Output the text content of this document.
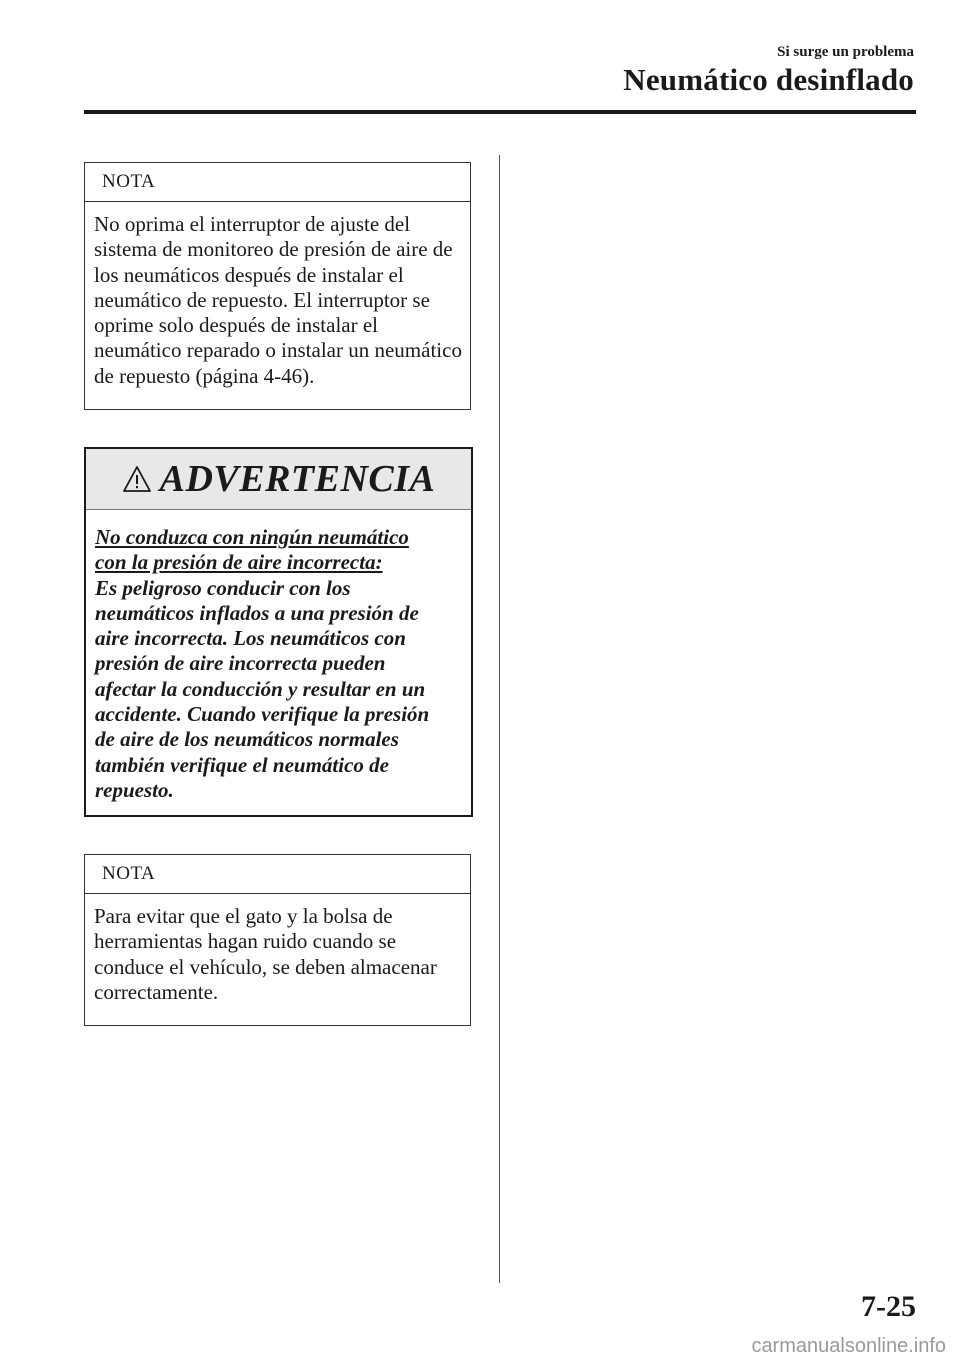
Si surge un problema
Neumático desinflado
NOTA
No oprima el interruptor de ajuste del sistema de monitoreo de presión de aire de los neumáticos después de instalar el neumático de repuesto. El interruptor se oprime solo después de instalar el neumático reparado o instalar un neumático de repuesto (página 4-46).
ADVERTENCIA
No conduzca con ningún neumático
con la presión de aire incorrecta:
Es peligroso conducir con los
neumáticos inflados a una presión de
aire incorrecta. Los neumáticos con
presión de aire incorrecta pueden
afectar la conducción y resultar en un
accidente. Cuando verifique la presión
de aire de los neumáticos normales
también verifique el neumático de
repuesto.
NOTA
Para evitar que el gato y la bolsa de herramientas hagan ruido cuando se conduce el vehículo, se deben almacenar correctamente.
7-25
carmanualsonline.info
